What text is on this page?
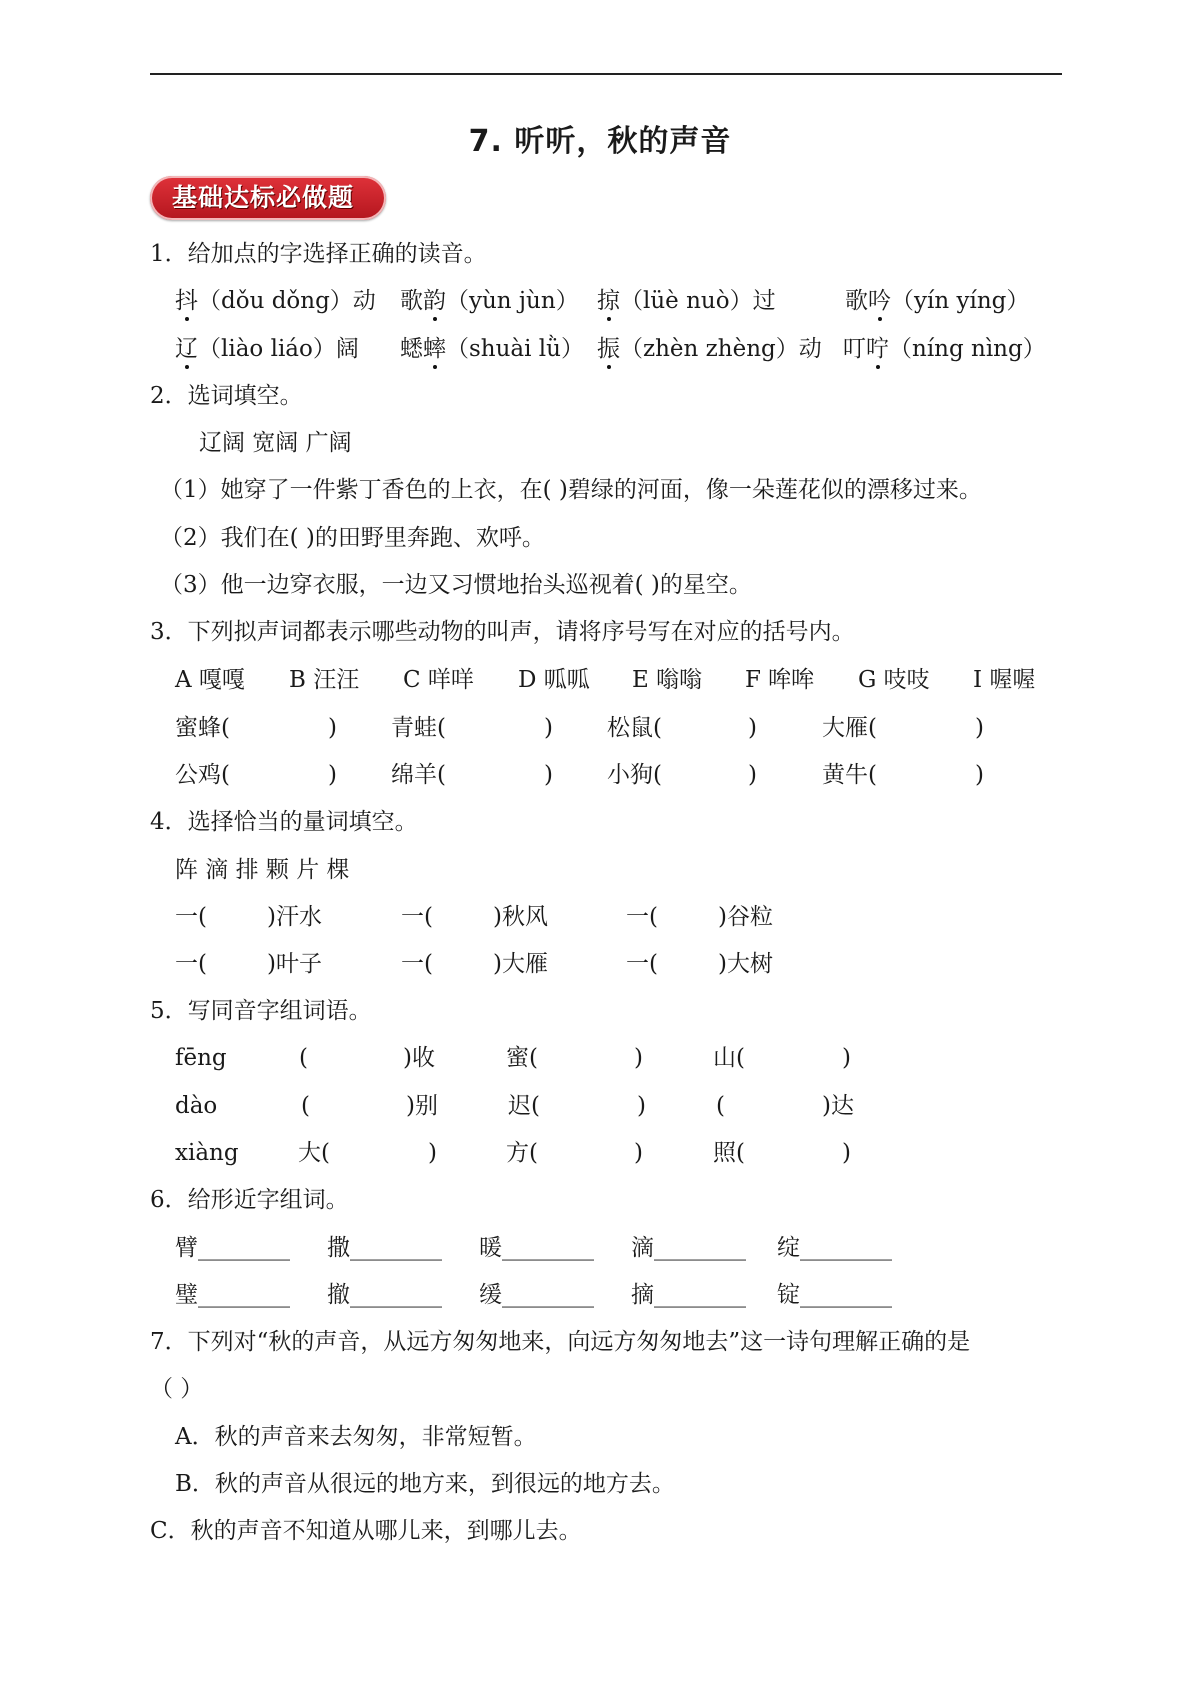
7. 听听，秋的声音
基础达标必做题
1．给加点的字选择正确的读音。
抖（dǒu dǒng）动 歌韵（yùn jùn） 掠（lüè nuò）过	歌吟（yín yíng）
辽（liào liáo）阔 蟋蟀（shuài lǜ） 振（zhèn zhèng）动 叮咛（níng nìng）
2．选词填空。
辽阔 宽阔 广阔
（1）她穿了一件紫丁香色的上衣，在( )碧绿的河面，像一朵莲花似的漂移过来。
（2）我们在( )的田野里奔跑、欢呼。
（3）他一边穿衣服，一边又习惯地抬头巡视着( )的星空。
3．下列拟声词都表示哪些动物的叫声，请将序号写在对应的括号内。
A 嘎嘎 B 汪汪 C 咩咩 D 呱呱 E 嗡嗡 F 哞哞 G 吱吱 I 喔喔
蜜蜂(	) 青蛙(	) 松鼠(	)	大雁(	)
公鸡(	) 绵羊(	) 小狗(	)	黄牛(	)
4．选择恰当的量词填空。
阵 滴 排 颗 片 棵
一(	)汗水	一(	)秋风	一(	)谷粒
一(	)叶子	一(	)大雁	一(	)大树
5．写同音字组词语。
fēng	(	)收	蜜(	)	山(	)
dào	(	)别	迟(	)	(	)达
xiàng	大(	)	方(	)	照(	)
6．给形近字组词。
臂________ 撒________ 暖________ 滴________ 绽________
璧________ 撤________ 缓________ 摘________ 锭________
7．下列对“秋的声音，从远方匆匆地来，向远方匆匆地去”这一诗句理解正确的是
（ ）
A．秋的声音来去匆匆，非常短暂。
B．秋的声音从很远的地方来，到很远的地方去。
C．秋的声音不知道从哪儿来，到哪儿去。
